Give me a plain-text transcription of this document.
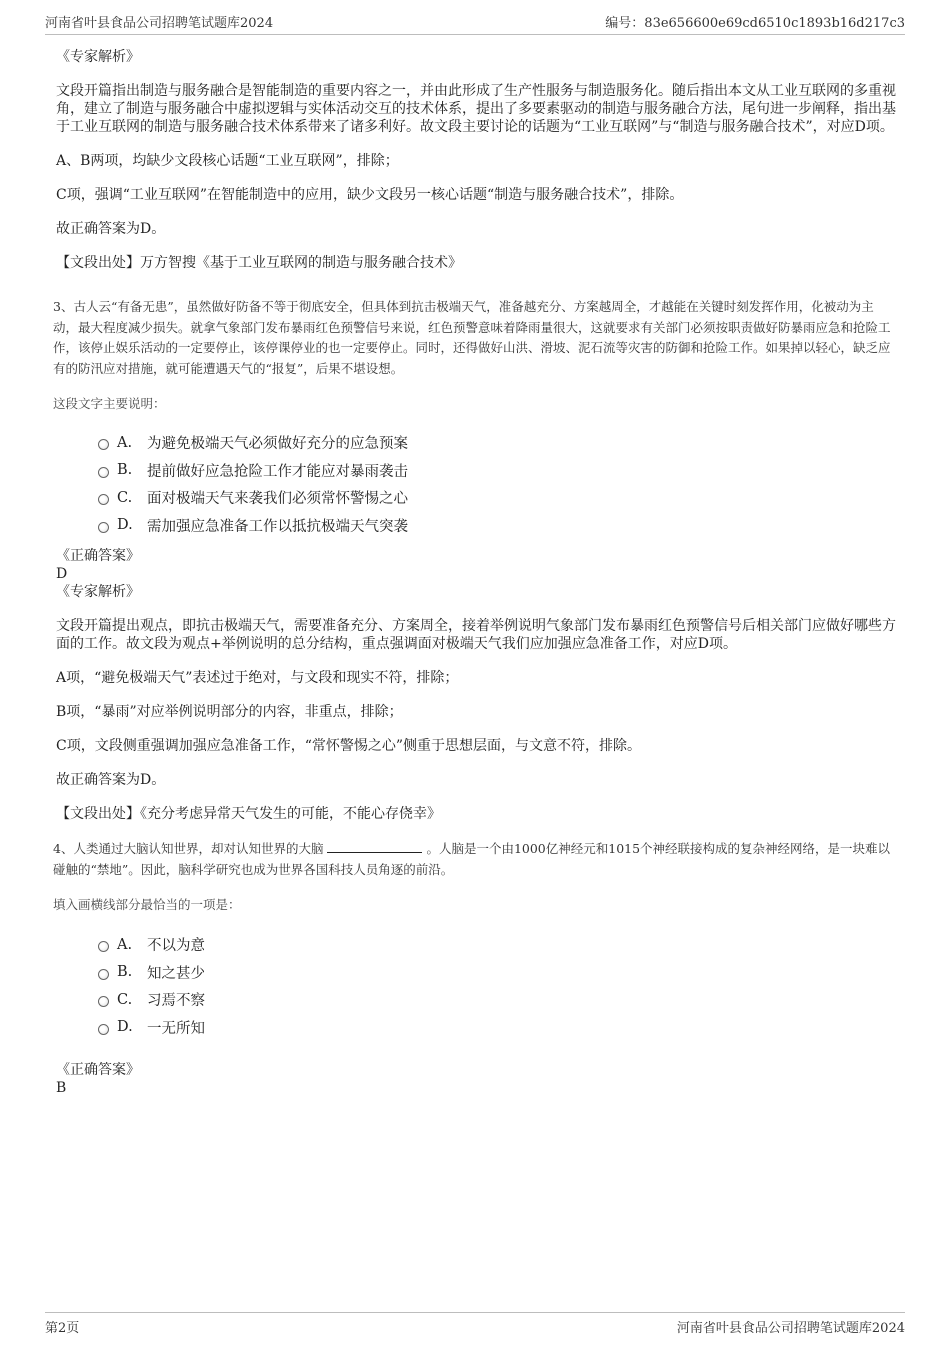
河南省叶县食品公司招聘笔试题库2024	编号：83e656600e69cd6510c1893b16d217c3

《专家解析》

文段开篇指出制造与服务融合是智能制造的重要内容之一，并由此形成了生产性服务与制造服务化。随后指出本文从工业互联网的多重视角，建立了制造与服务融合中虚拟逻辑与实体活动交互的技术体系，提出了多要素驱动的制造与服务融合方法，尾句进一步阐释，指出基于工业互联网的制造与服务融合技术体系带来了诸多利好。故文段主要讨论的话题为“工业互联网”与“制造与服务融合技术”，对应D项。

A、B两项，均缺少文段核心话题“工业互联网”，排除；

C项，强调“工业互联网”在智能制造中的应用，缺少文段另一核心话题“制造与服务融合技术”，排除。

故正确答案为D。

【文段出处】万方智搜《基于工业互联网的制造与服务融合技术》

3、古人云“有备无患”，虽然做好防备不等于彻底安全，但具体到抗击极端天气，准备越充分、方案越周全，才越能在关键时刻发挥作用，化被动为主动，最大程度减少损失。就拿气象部门发布暴雨红色预警信号来说，红色预警意味着降雨量很大，这就要求有关部门必须按职责做好防暴雨应急和抢险工作，该停止娱乐活动的一定要停止，该停课停业的也一定要停止。同时，还得做好山洪、滑坡、泥石流等灾害的防御和抢险工作。如果掉以轻心，缺乏应有的防汛应对措施，就可能遭遇天气的“报复”，后果不堪设想。

这段文字主要说明：

A.	为避免极端天气必须做好充分的应急预案
B.	提前做好应急抢险工作才能应对暴雨袭击
C.	面对极端天气来袭我们必须常怀警惕之心
D. 需加强应急准备工作以抵抗极端天气突袭

《正确答案》

D

《专家解析》

文段开篇提出观点，即抗击极端天气，需要准备充分、方案周全，接着举例说明气象部门发布暴雨红色预警信号后相关部门应做好哪些方面的工作。故文段为观点+举例说明的总分结构，重点强调面对极端天气我们应加强应急准备工作，对应D项。

A项，“避免极端天气”表述过于绝对，与文段和现实不符，排除；

B项，“暴雨”对应举例说明部分的内容，非重点，排除；

C项，文段侧重强调加强应急准备工作，“常怀警惕之心”侧重于思想层面，与文意不符，排除。

故正确答案为D。

【文段出处】《充分考虑异常天气发生的可能，不能心存侥幸》

4、人类通过大脑认知世界，却对认知世界的大脑	。人脑是一个由1000亿神经元和1015个神经联接构成的复杂神经网络，是一块难以碰触的“禁地”。因此，脑科学研究也成为世界各国科技人员角逐的前沿。

填入画横线部分最恰当的一项是：

A.	不以为意
B.	知之甚少
C.	习焉不察
D. 一无所知

《正确答案》

B

第2页	河南省叶县食品公司招聘笔试题库2024
